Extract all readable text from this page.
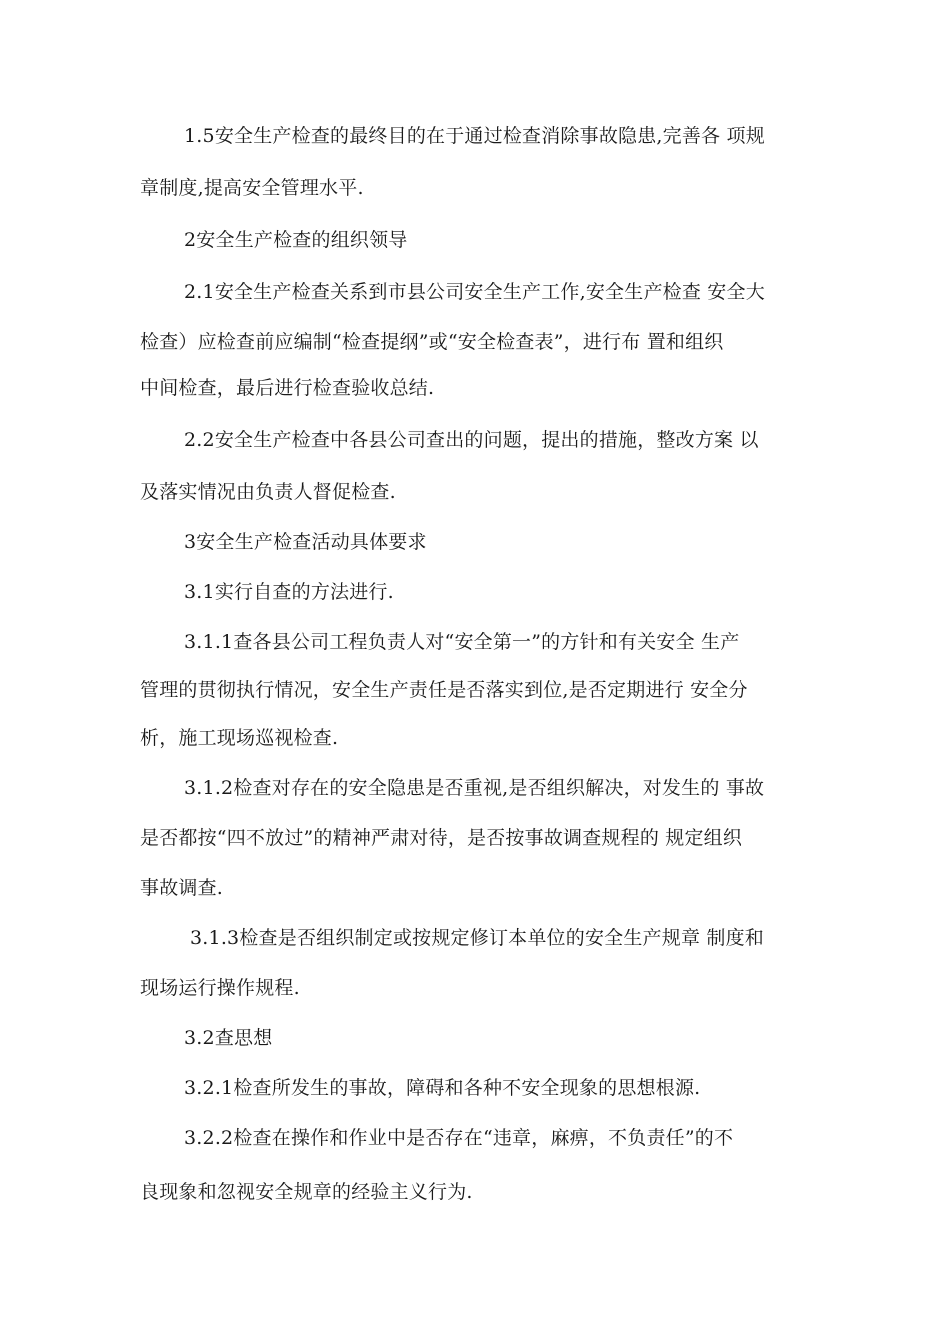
1.5安全生产检查的最终目的在于通过检查消除事故隐患,完善各 项规
章制度,提高安全管理水平.
2安全生产检查的组织领导
2.1安全生产检查关系到市县公司安全生产工作,安全生产检查 安全大
检查）应检查前应编制“检查提纲”或“安全检查表”，进行布 置和组织
中间检查，最后进行检查验收总结.
2.2安全生产检查中各县公司查出的问题，提出的措施，整改方案 以
及落实情况由负责人督促检查.
3安全生产检查活动具体要求
3.1实行自查的方法进行.
3.1.1查各县公司工程负责人对“安全第一”的方针和有关安全 生产
管理的贯彻执行情况，安全生产责任是否落实到位,是否定期进行 安全分
析，施工现场巡视检查.
3.1.2检查对存在的安全隐患是否重视,是否组织解决，对发生的 事故
是否都按“四不放过”的精神严肃对待，是否按事故调查规程的 规定组织
事故调查.
3.1.3检查是否组织制定或按规定修订本单位的安全生产规章 制度和
现场运行操作规程.
3.2查思想
3.2.1检查所发生的事故，障碍和各种不安全现象的思想根源.
3.2.2检查在操作和作业中是否存在“违章，麻痹，不负责任”的不
良现象和忽视安全规章的经验主义行为.
